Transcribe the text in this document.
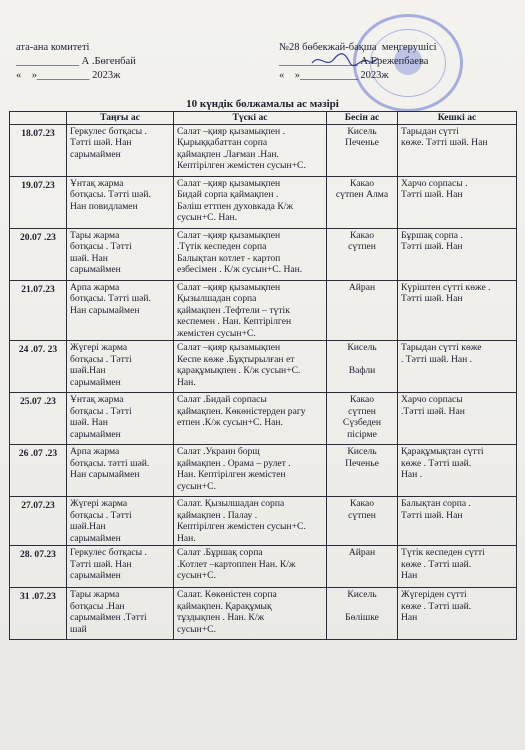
ата-ана комитеті
____________ А .Бөгенбай
«    »__________ 2023ж
№28 бөбекжай-бақша  меңгерушісі
_______________ А.Ережепбаева
«    »___________ 2023ж
10 күндік болжамалы ас мәзірі
	Таңғы ас	Түскі ас	Бесін ас	Кешкі ас
18.07.23	Геркулес ботқасы .
Тәтті шәй. Нан
сарымаймен	Салат –қияр қызамықпен .
Қырыққабаттан сорпа
қаймақпен .Лағман .Нан.
Кептірілген жемістен сусын+С.	Кисель
Печенье	Тарыдан сүтті
көже. Тәтті шәй. Нан
19.07.23	Ұнтақ жарма
ботқасы. Тәтті шәй.
Нан повидламен	Салат –қияр қызамықпен
Бидай сорпа қаймақпен .
Бәліш еттпен духовкада К/ж
сусын+С. Нан.	Какао
сүтпен Алма	Харчо сорпасы .
Тәтті шәй. Нан
20.07 .23	Тары жарма
ботқасы . Тәтті
шәй. Нан
сарымаймен	Салат –қияр қызамықпен
.Түтік кеспеден сорпа
Балықтан котлет - картоп
езбесімен . К/ж сусын+С. Нан.	Какао
сүтпен	Бұршақ сорпа .
Тәтті шәй. Нан
21.07.23	Арпа жарма
ботқасы. Тәтті шәй.
Нан сарымаймен	Салат –қияр қызамықпен
Қызылшадан сорпа
қаймақпен .Тефтели – түтік
кеспемен . Нан. Кептірілген
жемістен сусын+С.	Айран	Күріштен сүтті көже .
Тәтті шәй. Нан
24 .07. 23	Жүгері жарма
ботқасы . Тәтті
шәй.Нан
сарымаймен	Салат –қияр қызамықпен
Кеспе көже .Бұқтырылған ет
қарақұмықпен . К/ж сусын+С.
Нан.	Кисель

Вафли	Тарыдан сүтті көже
. Тәтті шәй. Нан .
25.07 .23	Ұнтақ жарма
ботқасы . Тәтті
шәй. Нан
сарымаймен	Салат .Бидай сорпасы
қаймақпен. Көкөністерден рагу
етпен .К/ж сусын+С. Нан.	Какао
сүтпен
Сүзбеден
пісірме	Харчо сорпасы
.Тәтті шәй. Нан
26 .07 .23	Арпа жарма
ботқасы. тәтті шәй.
Нан сарымаймен	Салат .Украин борщ
қаймақпен . Орама – рулет .
Нан. Кептірілген жемістен
сусын+С.	Кисель
Печенье	Қарақұмықтан сүтті
көже . Тәтті шәй.
Нан .
27.07.23	Жүгері жарма
ботқасы . Тәтті
шәй.Нан
сарымаймен	Салат. Қызылшадан сорпа
қаймақпен . Палау .
Кептірілген жемістен сусын+С.
Нан.	Какао
сүтпен	Балықтан сорпа .
Тәтті шәй. Нан
28. 07.23	Геркулес ботқасы .
Тәтті шәй. Нан
сарымаймен	Салат .Бұршақ сорпа
.Котлет –картоппен Нан. К/ж
сусын+С.	Айран	Түтік кеспеден сүтті
көже . Тәтті шәй.
Нан
31 .07.23	Тары жарма
ботқасы .Нан
сарымаймен .Тәтті
шай	Салат. Көкөністен сорпа
қаймақпен. Қарақұмық
тұздықпен . Нан. К/ж
сусын+С.	Кисель

Бөлішке	Жүгеріден сүтті
көже . Тәтті шәй.
Нан
